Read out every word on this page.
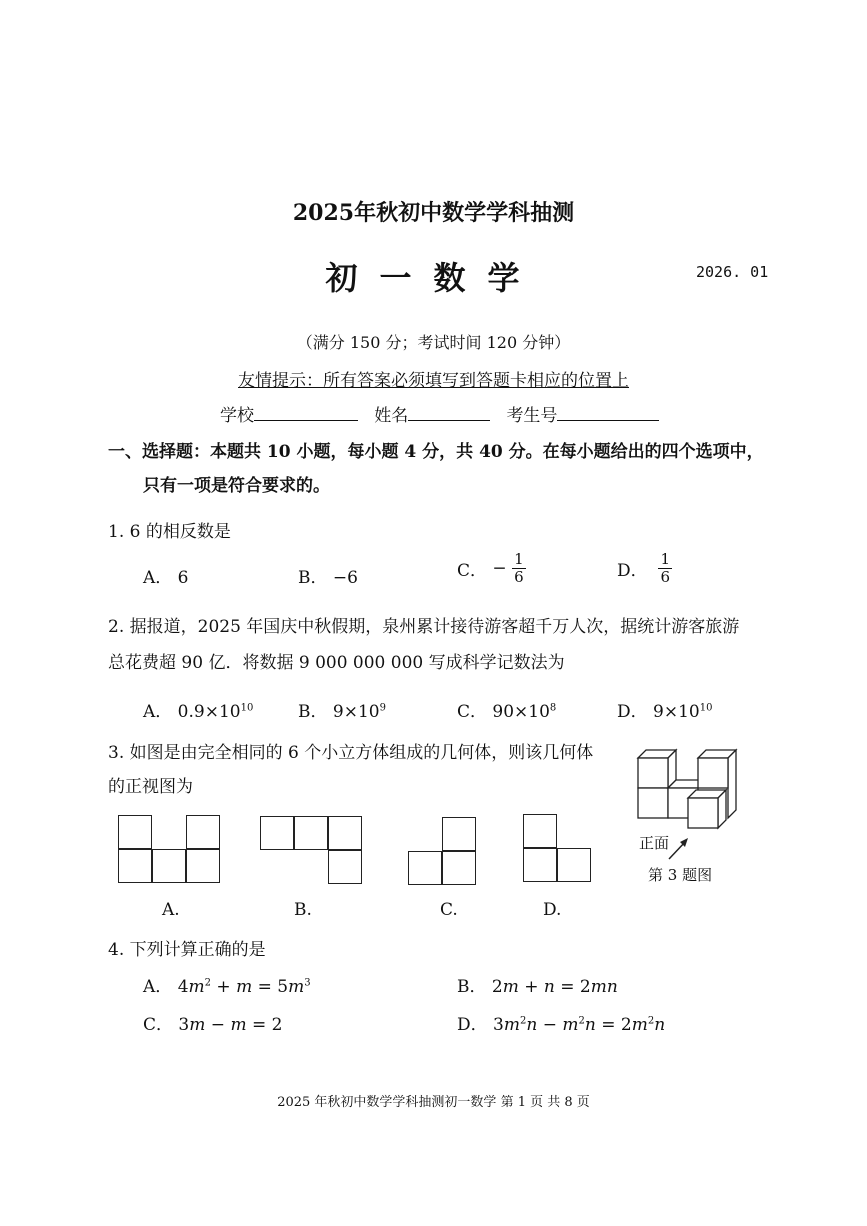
2025年秋初中数学学科抽测
初一数学	2026. 01
（满分 150 分；考试时间 120 分钟）
友情提示：所有答案必须填写到答题卡相应的位置上
学校	姓名	考生号
一、选择题：本题共 10 小题，每小题 4 分，共 40 分。在每小题给出的四个选项中，
只有一项是符合要求的。
1. 6 的相反数是
A． 6	B． −6	C． − $\frac{1}{6}$	D． $\frac{1}{6}$
2. 据报道，2025 年国庆中秋假期，泉州累计接待游客超千万人次，据统计游客旅游
总花费超 90 亿．将数据 9 000 000 000 写成科学记数法为
A． $0.9\times 10^{10}$	B． $9\times 10^9$	C． $90\times 10^8$	D． $9\times 10^{10}$
3. 如图是由完全相同的 6 个小立方体组成的几何体，则该几何体
的正视图为
A.	B.	C.	D.
正面
第 3 题图
4. 下列计算正确的是
A． $4m^2 + m = 5m^3$	B． 2m + n = 2mn
C． 3m − m = 2	D． $3m^2n - m^2n = 2m^2n$
2025 年秋初中数学学科抽测初一数学 第 1 页 共 8 页
